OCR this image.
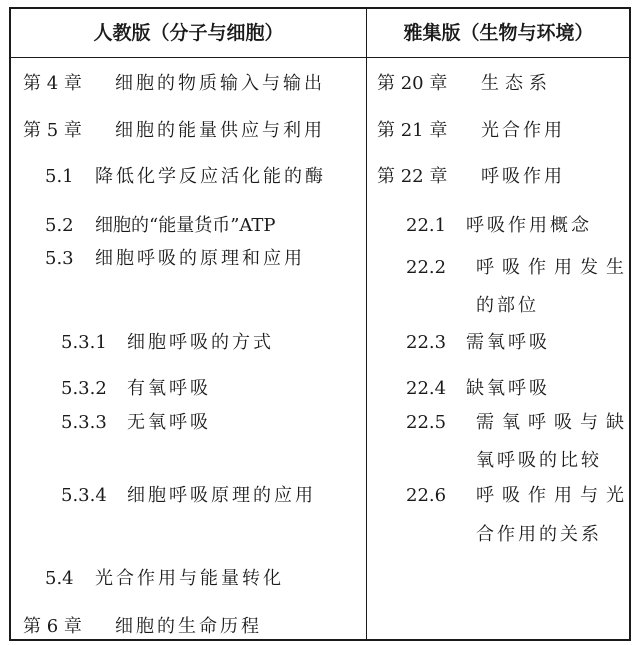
人教版（分子与细胞）	雅集版（生物与环境）
第 4 章 细胞的物质输入与输出
第 5 章 细胞的能量供应与利用
5.1 降低化学反应活化能的酶
5.2 细胞的“能量货币”ATP
5.3 细胞呼吸的原理和应用
5.3.1 细胞呼吸的方式
5.3.2 有氧呼吸
5.3.3 无氧呼吸
5.3.4 细胞呼吸原理的应用
5.4 光合作用与能量转化
第 6 章 细胞的生命历程
第 20 章 生态系
第 21 章 光合作用
第 22 章 呼吸作用
22.1 呼吸作用概念
22.2 呼吸作用发生
的部位
22.3 需氧呼吸
22.4 缺氧呼吸
22.5 需氧呼吸与缺
氧呼吸的比较
22.6 呼吸作用与光
合作用的关系
